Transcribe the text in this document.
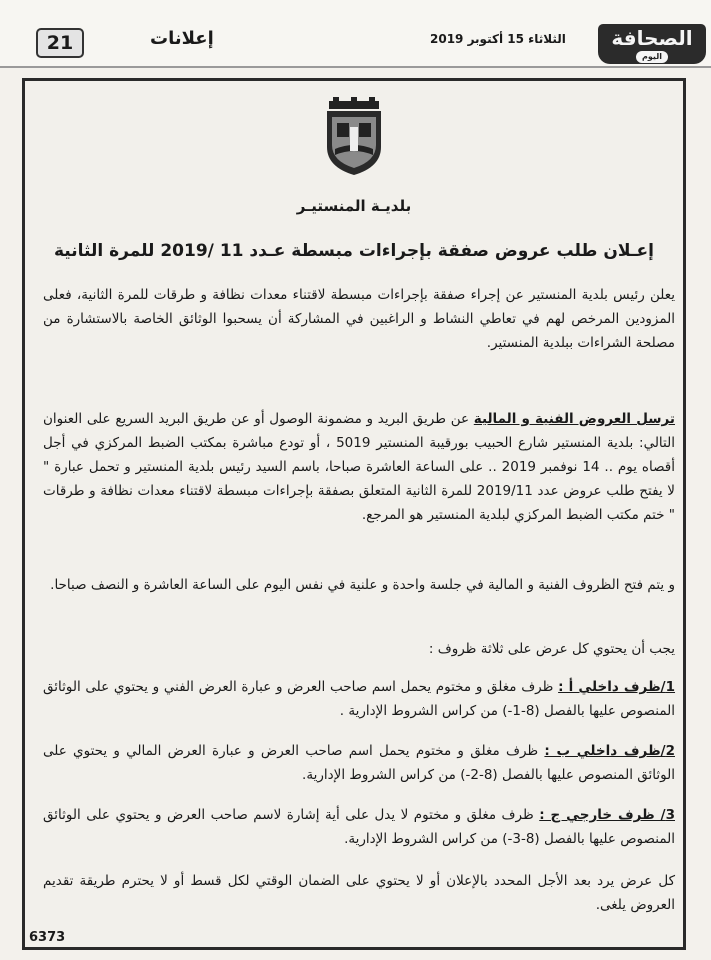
21	إعلانات	الثلاثاء 15 أكتوبر 2019	الصحافة
اليوم
بلديـة المنستيـر
إعـلان طلب عروض صفقة بإجراءات مبسطة عـدد 11 /2019 للمرة الثانية
يعلن رئيس بلدية المنستير عن إجراء صفقة بإجراءات مبسطة لاقتناء معدات نظافة و طرقات للمرة الثانية، فعلى المزودين المرخص لهم في تعاطي النشاط و الراغبين في المشاركة أن يسحبوا الوثائق الخاصة بالاستشارة من مصلحة الشراءات ببلدية المنستير.
ترسل العروض الفنية و المالية عن طريق البريد و مضمونة الوصول أو عن طريق البريد السريع على العنوان التالي: بلدية المنستير شارع الحبيب بورقيبة المنستير 5019 ، أو تودع مباشرة بمكتب الضبط المركزي في أجل أقصاه يوم .. 14 نوفمبر 2019 .. على الساعة العاشرة صباحا، باسم السيد رئيس بلدية المنستير و تحمل عبارة " لا يفتح طلب عروض عدد 2019/11 للمرة الثانية المتعلق بصفقة بإجراءات مبسطة لاقتناء معدات نظافة و طرقات " ختم مكتب الضبط المركزي لبلدية المنستير هو المرجع.
و يتم فتح الظروف الفنية و المالية في جلسة واحدة و علنية في نفس اليوم على الساعة العاشرة و النصف صباحا.
يجب أن يحتوي كل عرض على ثلاثة ظروف :
1/ظرف داخلي أ : ظرف مغلق و مختوم يحمل اسم صاحب العرض و عبارة العرض الفني و يحتوي على الوثائق المنصوص عليها بالفصل (8-1-) من كراس الشروط الإدارية .
2/ظرف داخلي ب : ظرف مغلق و مختوم يحمل اسم صاحب العرض و عبارة العرض المالي و يحتوي على الوثائق المنصوص عليها بالفصل (8-2-) من كراس الشروط الإدارية.
3/ ظرف خارجي ج : ظرف مغلق و مختوم لا يدل على أية إشارة لاسم صاحب العرض و يحتوي على الوثائق المنصوص عليها بالفصل (8-3-) من كراس الشروط الإدارية.
كل عرض يرد بعد الأجل المحدد بالإعلان أو لا يحتوي على الضمان الوقتي لكل قسط أو لا يحترم طريقة تقديم العروض يلغى.
6373
